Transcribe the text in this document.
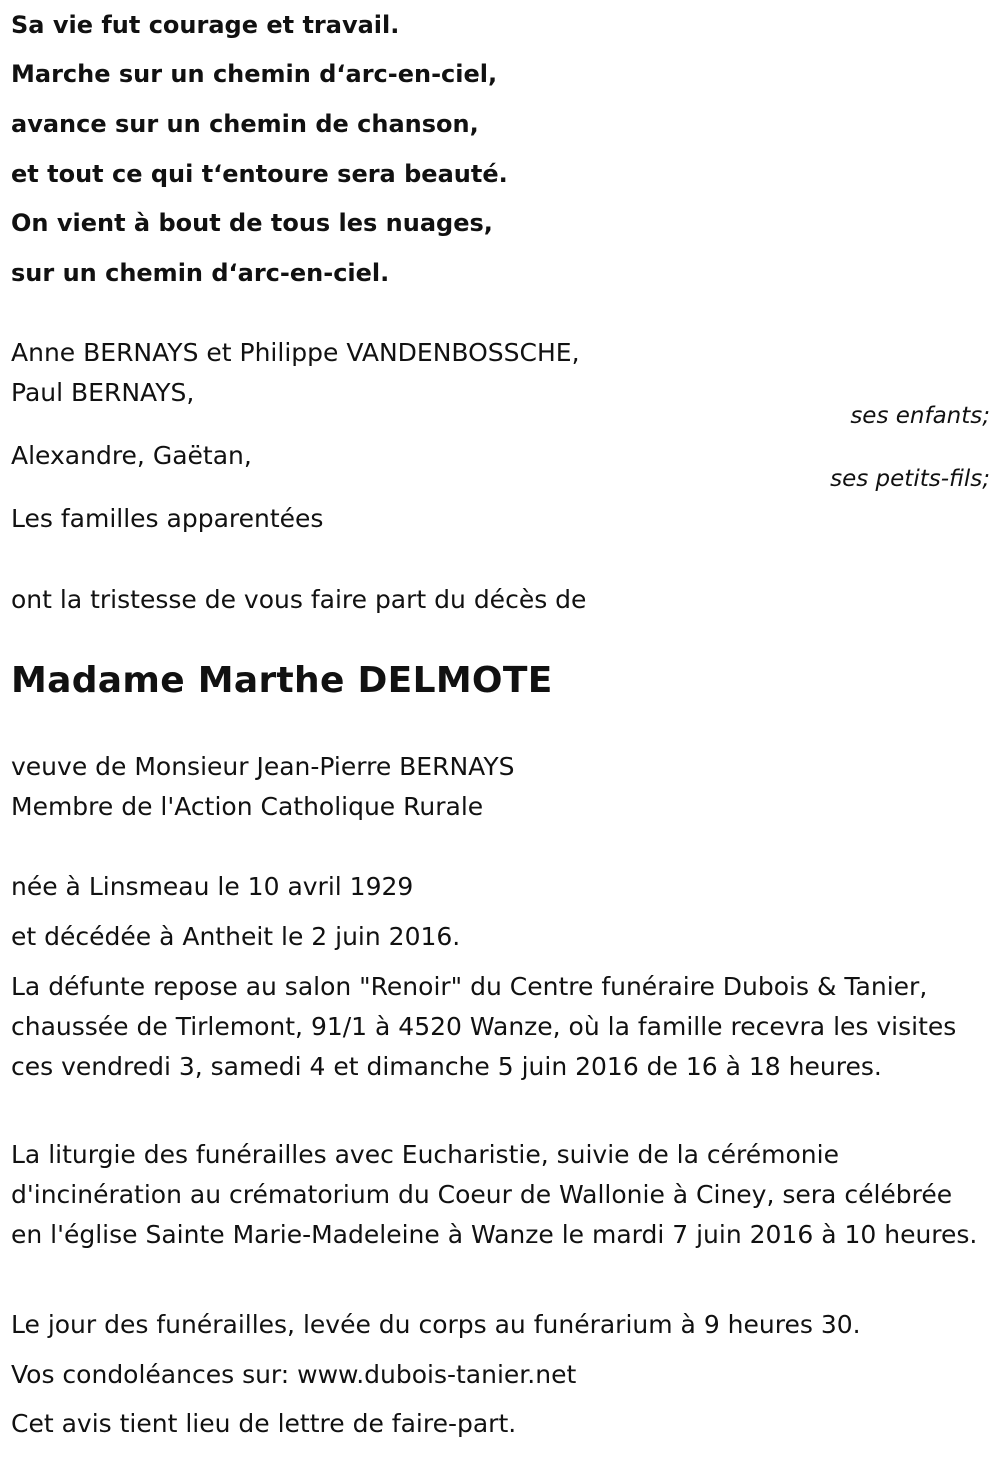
Sa vie fut courage et travail.
Marche sur un chemin d‘arc-en-ciel,
avance sur un chemin de chanson,
et tout ce qui t‘entoure sera beauté.
On vient à bout de tous les nuages,
sur un chemin d‘arc-en-ciel.
Anne BERNAYS et Philippe VANDENBOSSCHE,
Paul BERNAYS,
ses enfants;
Alexandre, Gaëtan,
ses petits-fils;
Les familles apparentées
ont la tristesse de vous faire part du décès de
Madame Marthe DELMOTE
veuve de Monsieur Jean-Pierre BERNAYS
Membre de l'Action Catholique Rurale
née à Linsmeau le 10 avril 1929
et décédée à Antheit le 2 juin 2016.
La défunte repose au salon "Renoir" du Centre funéraire Dubois & Tanier, chaussée de Tirlemont, 91/1 à 4520 Wanze, où la famille recevra les visites ces vendredi 3, samedi 4 et dimanche 5 juin 2016 de 16 à 18 heures.
La liturgie des funérailles avec Eucharistie, suivie de la cérémonie d'incinération au crématorium du Coeur de Wallonie à Ciney, sera célébrée en l'église Sainte Marie-Madeleine à Wanze le mardi 7 juin 2016 à 10 heures.
Le jour des funérailles, levée du corps au funérarium à 9 heures 30.
Vos condoléances sur: www.dubois-tanier.net
Cet avis tient lieu de lettre de faire-part.
